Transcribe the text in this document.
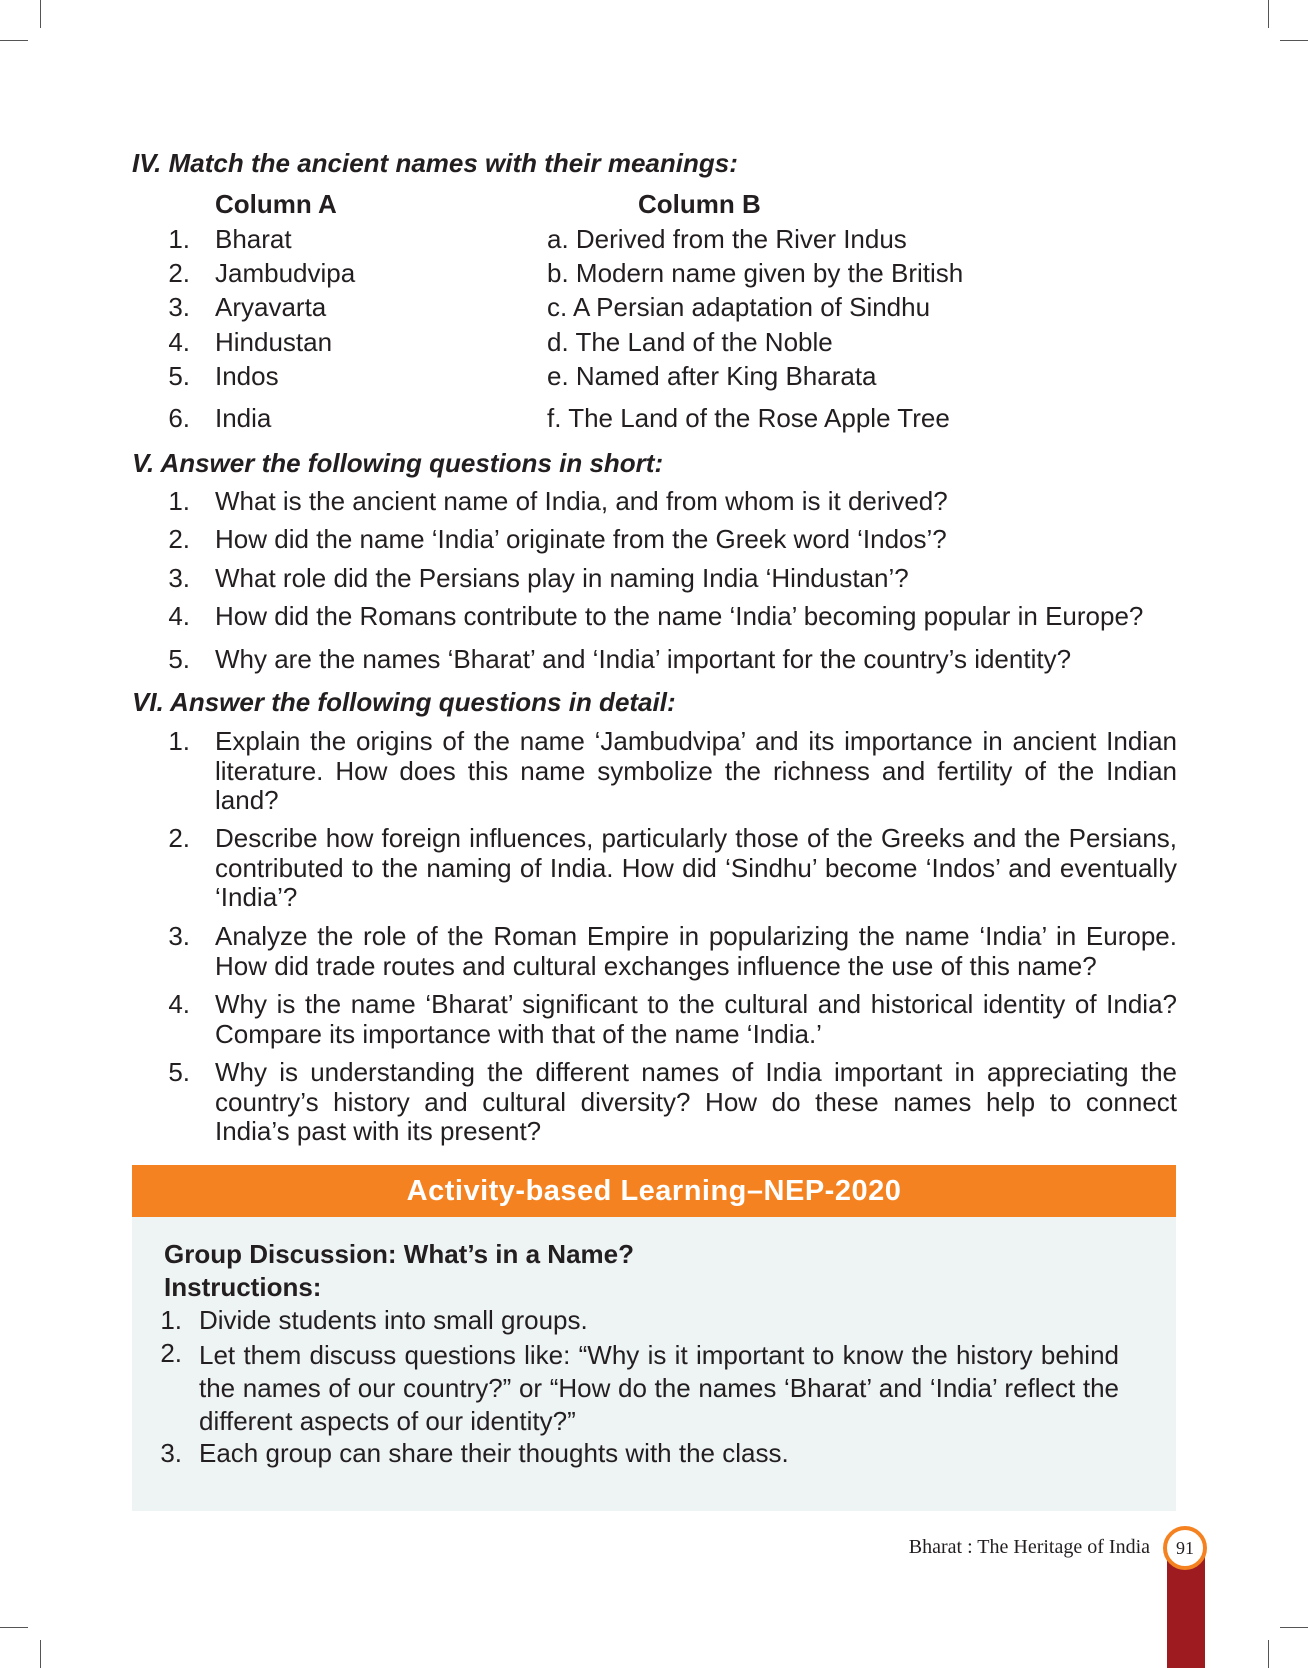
IV. Match the ancient names with their meanings:
Column A	Column B
1. Bharat	a. Derived from the River Indus
2. Jambudvipa	b. Modern name given by the British
3. Aryavarta	c. A Persian adaptation of Sindhu
4. Hindustan	d. The Land of the Noble
5. Indos	e. Named after King Bharata
6. India	f. The Land of the Rose Apple Tree
V. Answer the following questions in short:
1. What is the ancient name of India, and from whom is it derived?
2. How did the name ‘India’ originate from the Greek word ‘Indos’?
3. What role did the Persians play in naming India ‘Hindustan’?
4. How did the Romans contribute to the name ‘India’ becoming popular in Europe?
5. Why are the names ‘Bharat’ and ‘India’ important for the country’s identity?
VI. Answer the following questions in detail:
1. Explain the origins of the name ‘Jambudvipa’ and its importance in ancient Indian literature. How does this name symbolize the richness and fertility of the Indian land?
2. Describe how foreign influences, particularly those of the Greeks and the Persians, contributed to the naming of India. How did ‘Sindhu’ become ‘Indos’ and eventually ‘India’?
3. Analyze the role of the Roman Empire in popularizing the name ‘India’ in Europe. How did trade routes and cultural exchanges influence the use of this name?
4. Why is the name ‘Bharat’ significant to the cultural and historical identity of India? Compare its importance with that of the name ‘India.’
5. Why is understanding the different names of India important in appreciating the country’s history and cultural diversity? How do these names help to connect India’s past with its present?
Activity-based Learning–NEP-2020
Group Discussion: What’s in a Name?
Instructions:
1. Divide students into small groups.
2. Let them discuss questions like: “Why is it important to know the history behind the names of our country?” or “How do the names ‘Bharat’ and ‘India’ reflect the different aspects of our identity?”
3. Each group can share their thoughts with the class.
Bharat : The Heritage of India	91
